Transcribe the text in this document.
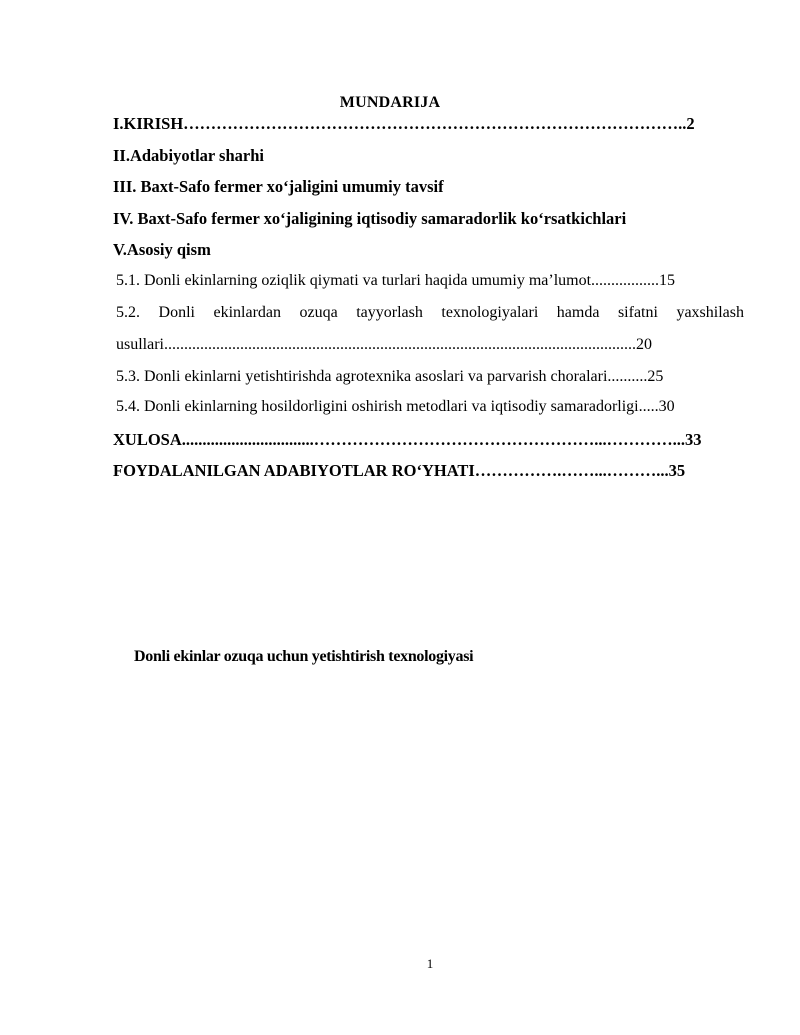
MUNDARIJA
I.KIRISH………………………………………………………………………………..2
II.Adabiyotlar sharhi
III. Baxt-Safo fermer xo‘jaligini umumiy tavsif
IV. Baxt-Safo fermer xo‘jaligining iqtisodiy samaradorlik ko‘rsatkichlari
V.Asosiy qism
5.1. Donli ekinlarning oziqlik qiymati va turlari haqida umumiy ma’lumot.................15
5.2. Donli ekinlardan ozuqa tayyorlash texnologiyalari hamda sifatni yaxshilash
usullari......................................................................................................................20
5.3. Donli ekinlarni yetishtirishda agrotexnika asoslari va parvarish choralari..........25
5.4. Donli ekinlarning hosildorligini oshirish metodlari va iqtisodiy samaradorligi.....30
XULOSA................................……………………………………………...…………...33
FOYDALANILGAN ADABIYOTLAR RO‘YHATI…………….……...………...35
Donli ekinlar ozuqa uchun yetishtirish texnologiyasi
1
